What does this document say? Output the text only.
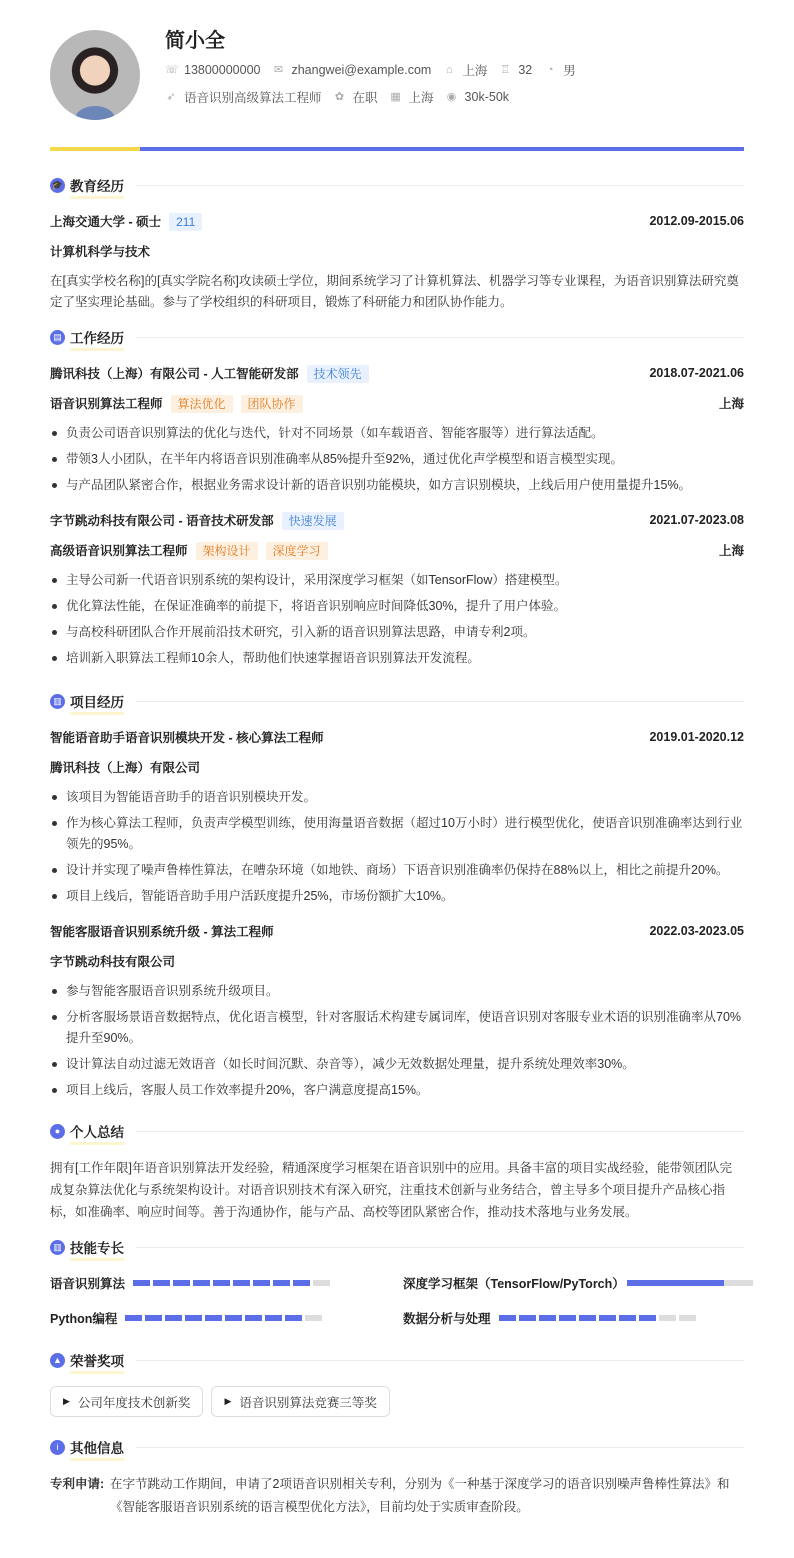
简小全
☏ 13800000000 ✉ zhangwei@example.com ⌂ 上海 ♖ 32 ◔ 男
➶ 语音识别高级算法工程师 ✿ 在职 ▦ 上海 ◉ 30k-50k
🎓 教育经历
上海交通大学 - 硕士 211	2012.09-2015.06
计算机科学与技术
在[真实学校名称]的[真实学院名称]攻读硕士学位，期间系统学习了计算机算法、机器学习等专业课程，为语音识别算法研究奠定了坚实理论基础。参与了学校组织的科研项目，锻炼了科研能力和团队协作能力。
▤ 工作经历
腾讯科技（上海）有限公司 - 人工智能研发部 技术领先	2018.07-2021.06
语音识别算法工程师 算法优化 团队协作	上海
负责公司语音识别算法的优化与迭代，针对不同场景（如车载语音、智能客服等）进行算法适配。
带领3人小团队，在半年内将语音识别准确率从85%提升至92%，通过优化声学模型和语言模型实现。
与产品团队紧密合作，根据业务需求设计新的语音识别功能模块，如方言识别模块，上线后用户使用量提升15%。
字节跳动科技有限公司 - 语音技术研发部 快速发展	2021.07-2023.08
高级语音识别算法工程师 架构设计 深度学习	上海
主导公司新一代语音识别系统的架构设计，采用深度学习框架（如TensorFlow）搭建模型。
优化算法性能，在保证准确率的前提下，将语音识别响应时间降低30%，提升了用户体验。
与高校科研团队合作开展前沿技术研究，引入新的语音识别算法思路，申请专利2项。
培训新入职算法工程师10余人，帮助他们快速掌握语音识别算法开发流程。
▥ 项目经历
智能语音助手语音识别模块开发 - 核心算法工程师	2019.01-2020.12
腾讯科技（上海）有限公司
该项目为智能语音助手的语音识别模块开发。
作为核心算法工程师，负责声学模型训练，使用海量语音数据（超过10万小时）进行模型优化，使语音识别准确率达到行业领先的95%。
设计并实现了噪声鲁棒性算法，在嘈杂环境（如地铁、商场）下语音识别准确率仍保持在88%以上，相比之前提升20%。
项目上线后，智能语音助手用户活跃度提升25%，市场份额扩大10%。
智能客服语音识别系统升级 - 算法工程师	2022.03-2023.05
字节跳动科技有限公司
参与智能客服语音识别系统升级项目。
分析客服场景语音数据特点，优化语言模型，针对客服话术构建专属词库，使语音识别对客服专业术语的识别准确率从70%提升至90%。
设计算法自动过滤无效语音（如长时间沉默、杂音等），减少无效数据处理量，提升系统处理效率30%。
项目上线后，客服人员工作效率提升20%，客户满意度提高15%。
● 个人总结
拥有[工作年限]年语音识别算法开发经验，精通深度学习框架在语音识别中的应用。具备丰富的项目实战经验，能带领团队完成复杂算法优化与系统架构设计。对语音识别技术有深入研究，注重技术创新与业务结合，曾主导多个项目提升产品核心指标，如准确率、响应时间等。善于沟通协作，能与产品、高校等团队紧密合作，推动技术落地与业务发展。
▥ 技能专长
语音识别算法	深度学习框架（TensorFlow/PyTorch）
Python编程	数据分析与处理
▲ 荣誉奖项
▶ 公司年度技术创新奖	▶ 语音识别算法竞赛三等奖
i 其他信息
专利申请: 在字节跳动工作期间，申请了2项语音识别相关专利，分别为《一种基于深度学习的语音识别噪声鲁棒性算法》和《智能客服语音识别系统的语言模型优化方法》，目前均处于实质审查阶段。
